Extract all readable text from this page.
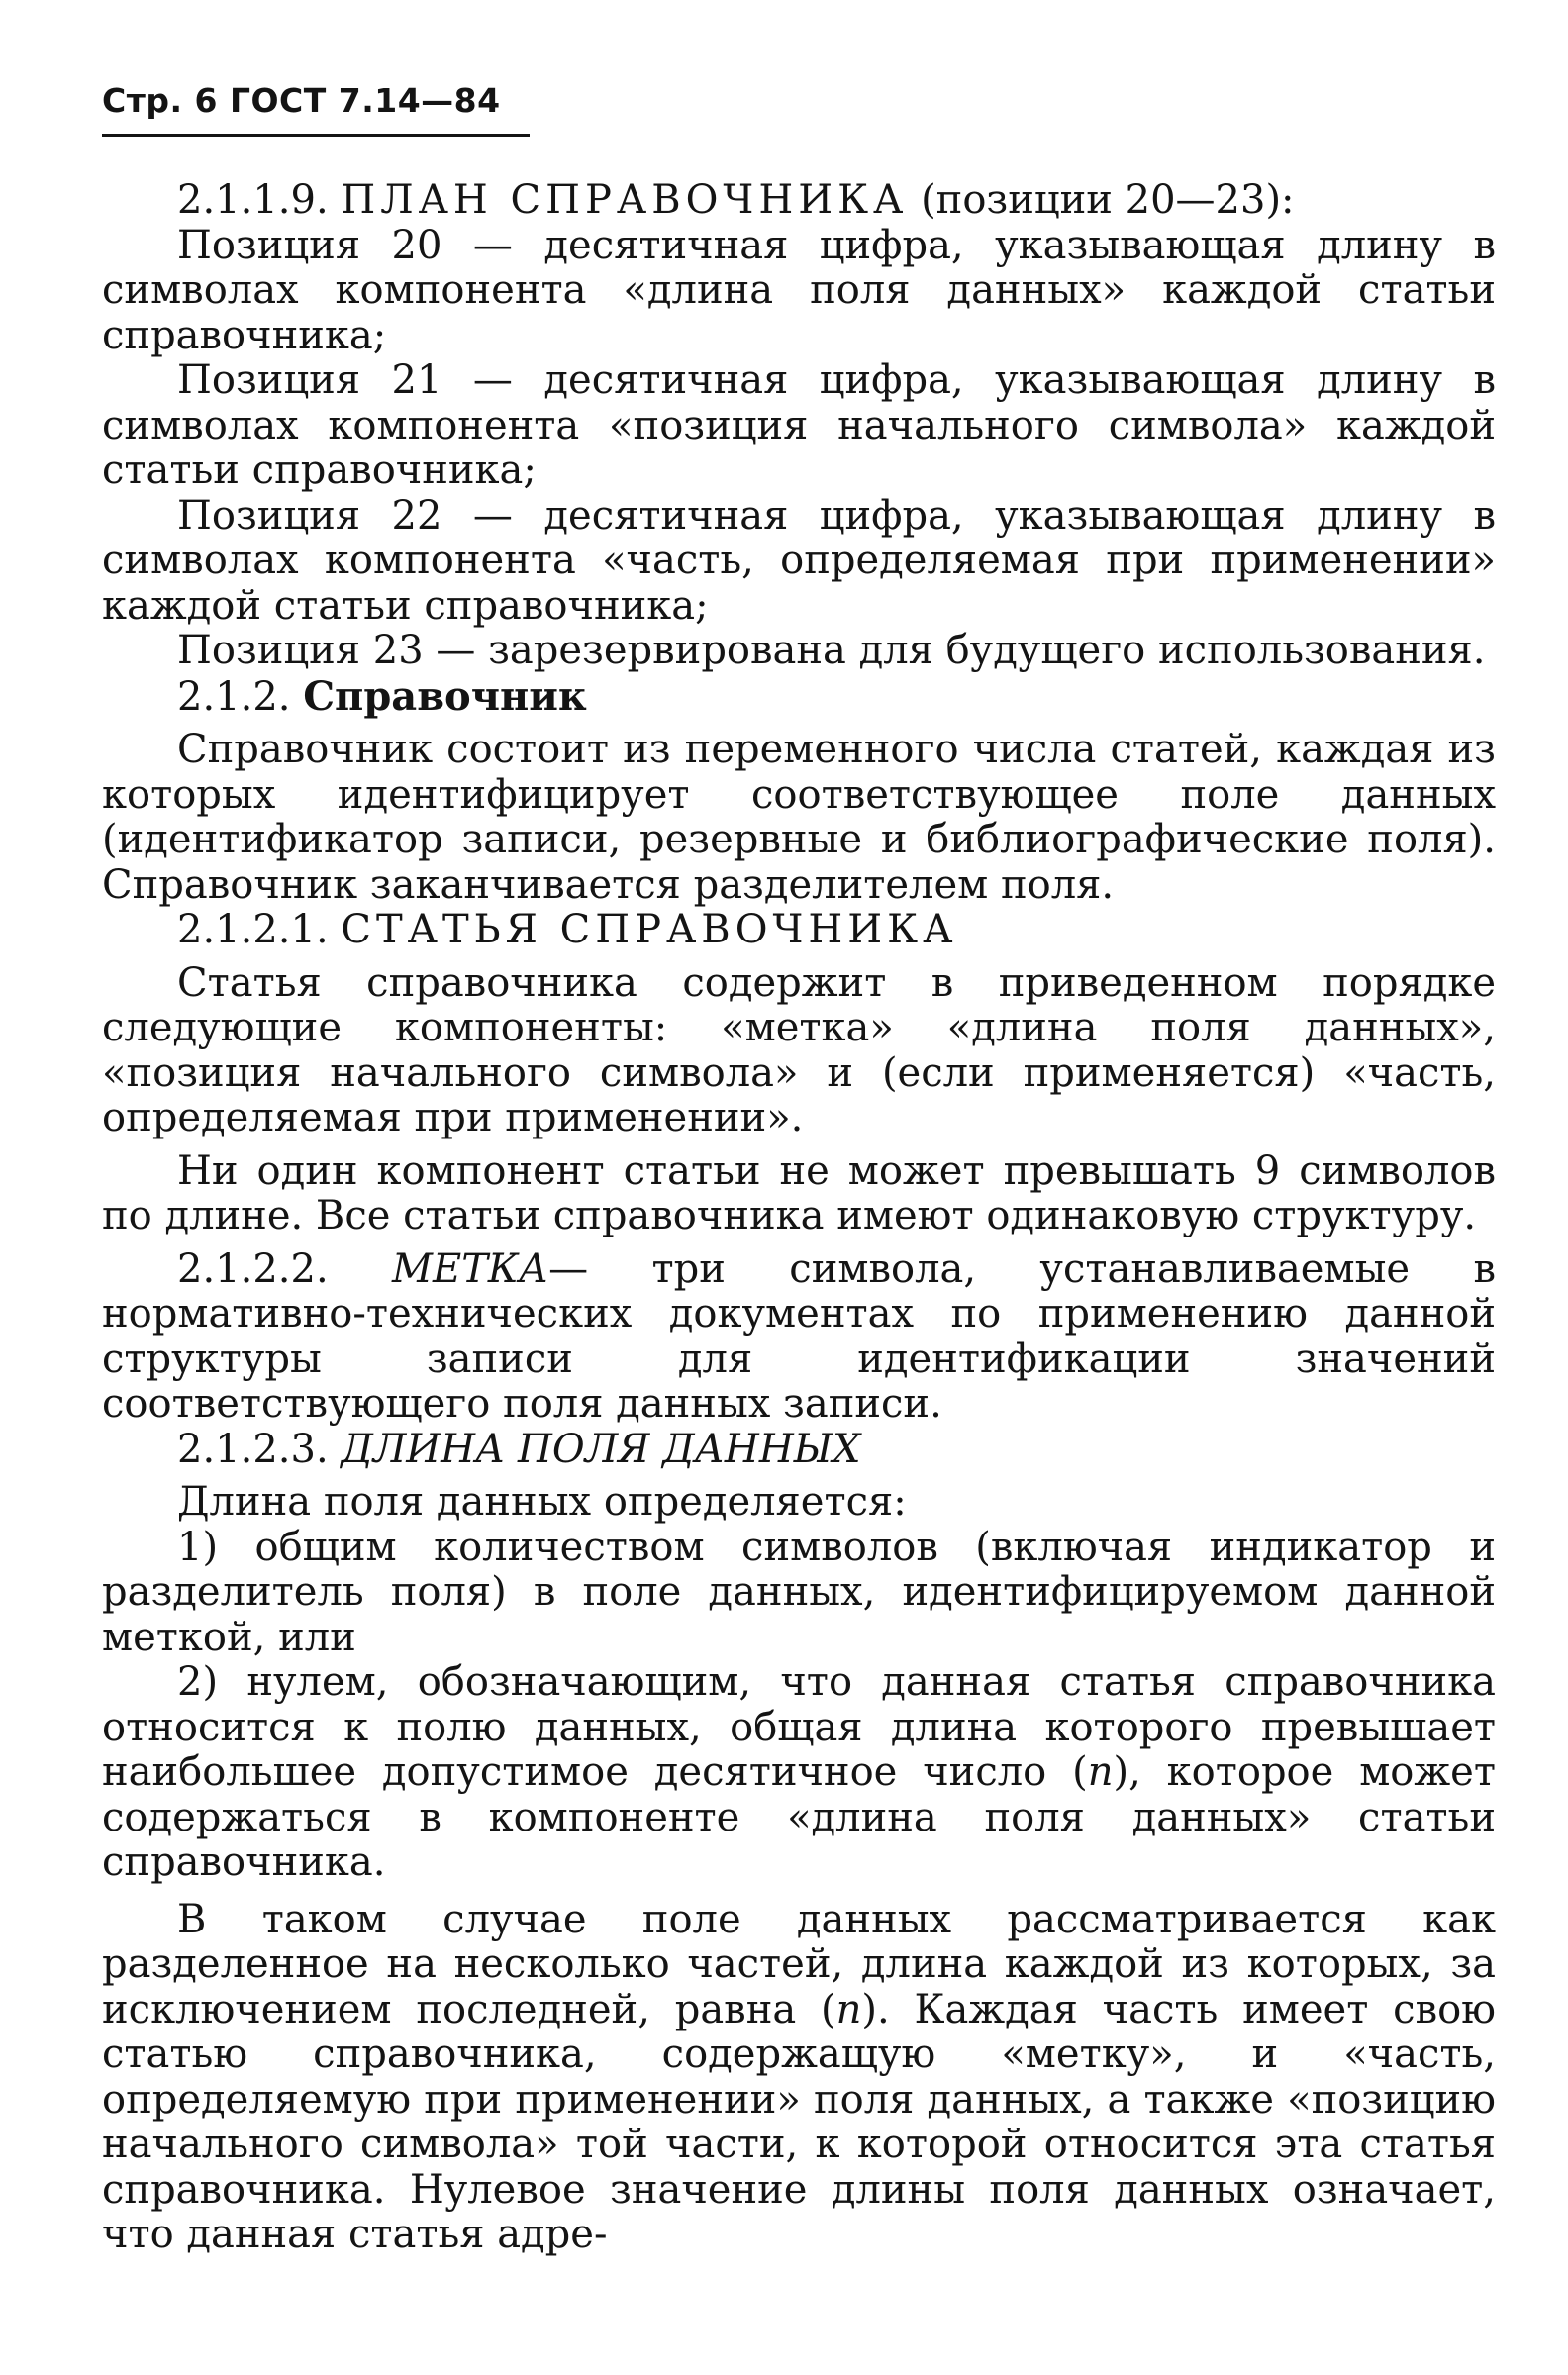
Стр. 6 ГОСТ 7.14—84

2.1.1.9. ПЛАН СПРАВОЧНИКА (позиции 20—23):

Позиция 20 — десятичная цифра, указывающая длину в символах компонента «длина поля данных» каждой статьи справочника;

Позиция 21 — десятичная цифра, указывающая длину в символах компонента «позиция начального символа» каждой статьи справочника;

Позиция 22 — десятичная цифра, указывающая длину в символах компонента «часть, определяемая при применении» каждой статьи справочника;

Позиция 23 — зарезервирована для будущего использования.

2.1.2. Справочник

Справочник состоит из переменного числа статей, каждая из которых идентифицирует соответствующее поле данных (идентификатор записи, резервные и библиографические поля). Справочник заканчивается разделителем поля.

2.1.2.1. СТАТЬЯ СПРАВОЧНИКА

Статья справочника содержит в приведенном порядке следующие компоненты: «метка» «длина поля данных», «позиция начального символа» и (если применяется) «часть, определяемая при применении».

Ни один компонент статьи не может превышать 9 символов по длине. Все статьи справочника имеют одинаковую структуру.

2.1.2.2. МЕТКА— три символа, устанавливаемые в нормативно-технических документах по применению данной структуры записи для идентификации значений соответствующего поля данных записи.

2.1.2.3. ДЛИНА ПОЛЯ ДАННЫХ

Длина поля данных определяется:

1) общим количеством символов (включая индикатор и разделитель поля) в поле данных, идентифицируемом данной меткой, или

2) нулем, обозначающим, что данная статья справочника относится к полю данных, общая длина которого превышает наибольшее допустимое десятичное число (n), которое может содержаться в компоненте «длина поля данных» статьи справочника.

В таком случае поле данных рассматривается как разделенное на несколько частей, длина каждой из которых, за исключением последней, равна (n). Каждая часть имеет свою статью справочника, содержащую «метку», и «часть, определяемую при применении» поля данных, а также «позицию начального символа» той части, к которой относится эта статья справочника. Нулевое значение длины поля данных означает, что данная статья адре-
